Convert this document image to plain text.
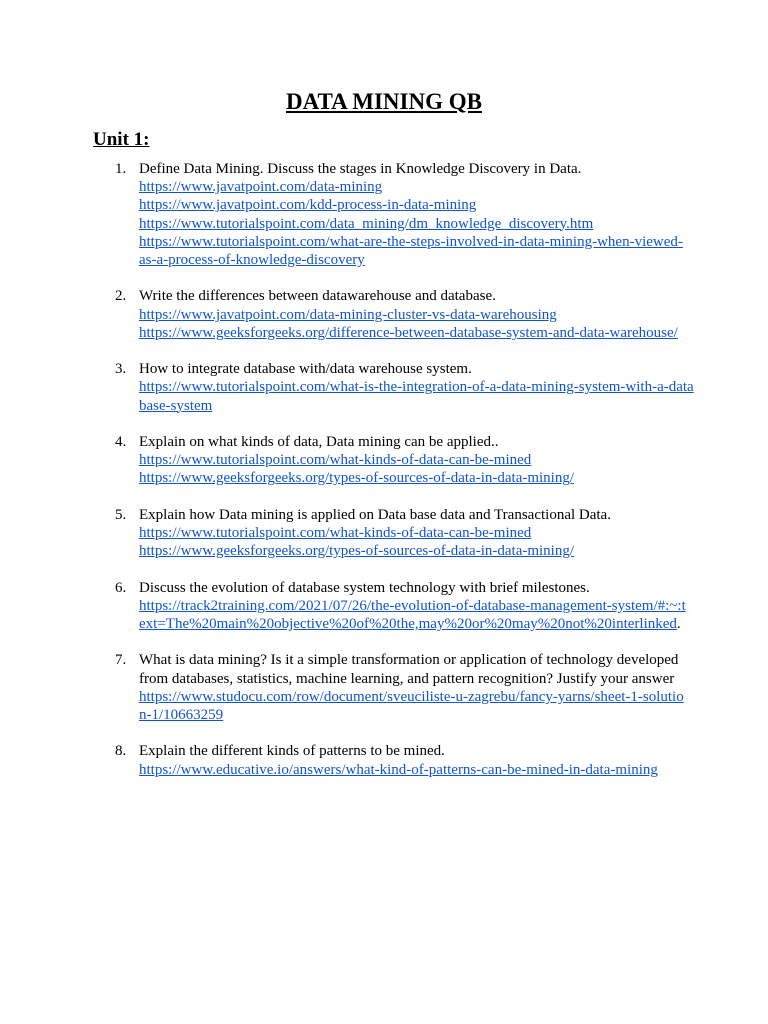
DATA MINING QB
Unit 1:
1. Define Data Mining. Discuss the stages in Knowledge Discovery in Data.
https://www.javatpoint.com/data-mining
https://www.javatpoint.com/kdd-process-in-data-mining
https://www.tutorialspoint.com/data_mining/dm_knowledge_discovery.htm
https://www.tutorialspoint.com/what-are-the-steps-involved-in-data-mining-when-viewed-as-a-process-of-knowledge-discovery
2. Write the differences between datawarehouse and database.
https://www.javatpoint.com/data-mining-cluster-vs-data-warehousing
https://www.geeksforgeeks.org/difference-between-database-system-and-data-warehouse/
3. How to integrate database with/data warehouse system.
https://www.tutorialspoint.com/what-is-the-integration-of-a-data-mining-system-with-a-database-system
4. Explain on what kinds of data, Data mining can be applied..
https://www.tutorialspoint.com/what-kinds-of-data-can-be-mined
https://www.geeksforgeeks.org/types-of-sources-of-data-in-data-mining/
5. Explain how Data mining is applied on Data base data and Transactional Data.
https://www.tutorialspoint.com/what-kinds-of-data-can-be-mined
https://www.geeksforgeeks.org/types-of-sources-of-data-in-data-mining/
6. Discuss the evolution of database system technology with brief milestones.
https://track2training.com/2021/07/26/the-evolution-of-database-management-system/#:~:text=The%20main%20objective%20of%20the,may%20or%20may%20not%20interlinked.
7. What is data mining? Is it a simple transformation or application of technology developed from databases, statistics, machine learning, and pattern recognition? Justify your answer
https://www.studocu.com/row/document/sveuciliste-u-zagrebu/fancy-yarns/sheet-1-solution-1/10663259
8. Explain the different kinds of patterns to be mined.
https://www.educative.io/answers/what-kind-of-patterns-can-be-mined-in-data-mining
